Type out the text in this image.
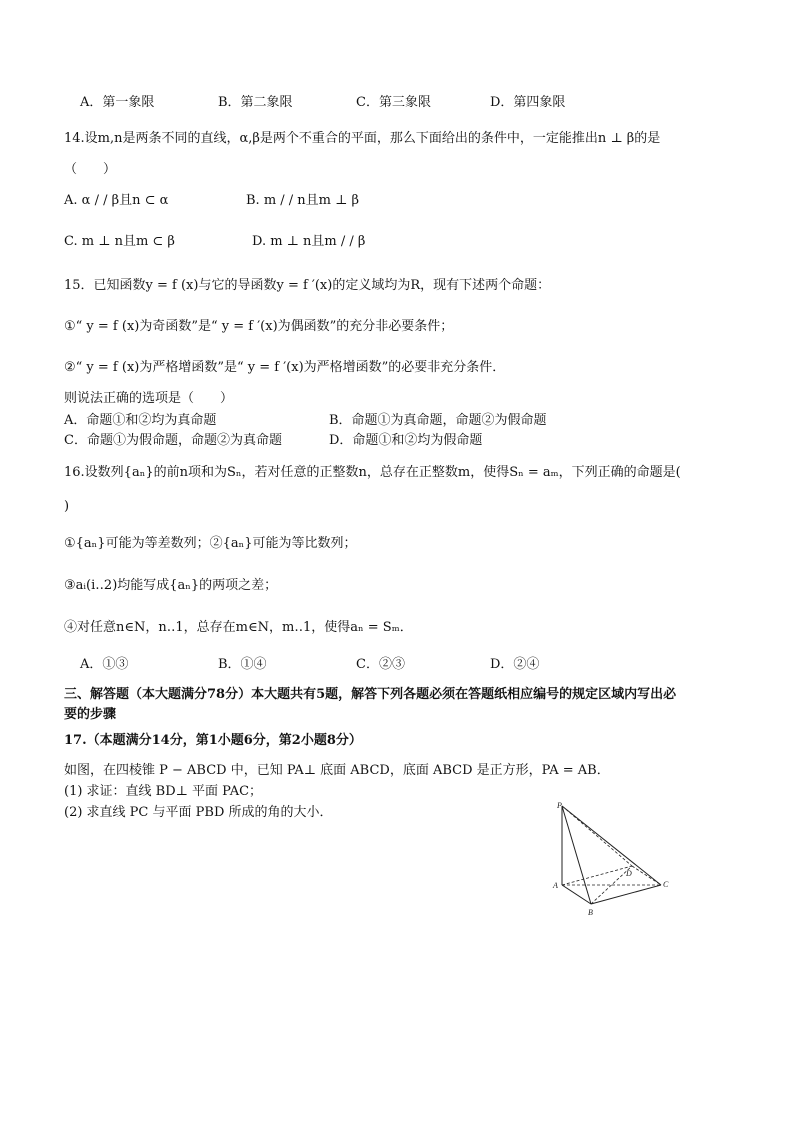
A．第一象限	B．第二象限	C．第三象限	D．第四象限
14.设m,n是两条不同的直线，α,β是两个不重合的平面，那么下面给出的条件中，一定能推出n ⊥ β的是
（　　）
A. α / / β且n ⊂ α	B. m / / n且m ⊥ β
C. m ⊥ n且m ⊂ β	D. m ⊥ n且m / / β
15．已知函数y = f (x)与它的导函数y = f ′(x)的定义域均为R，现有下述两个命题：
①“ y = f (x)为奇函数”是“ y = f ′(x)为偶函数”的充分非必要条件；
②“ y = f (x)为严格增函数”是“ y = f ′(x)为严格增函数”的必要非充分条件．
则说法正确的选项是（　　）
A．命题①和②均为真命题	B．命题①为真命题，命题②为假命题
C．命题①为假命题，命题②为真命题	D．命题①和②均为假命题
16.设数列{aₙ}的前n项和为Sₙ，若对任意的正整数n，总存在正整数m，使得Sₙ = aₘ，下列正确的命题是(
)
①{aₙ}可能为等差数列；②{aₙ}可能为等比数列；
③aᵢ(i‥2)均能写成{aₙ}的两项之差；
④对任意n∈N，n‥1，总存在m∈N，m‥1，使得aₙ = Sₘ．
A．①③	B．①④	C．②③	D．②④
三、解答题（本大题满分78分）本大题共有5题，解答下列各题必须在答题纸相应编号的规定区域内写出必
要的步骤
17.（本题满分14分，第1小题6分，第2小题8分）
如图，在四棱锥 P − ABCD 中，已知 PA⊥ 底面 ABCD，底面 ABCD 是正方形，PA = AB．
(1) 求证：直线 BD⊥ 平面 PAC；
(2) 求直线 PC 与平面 PBD 所成的角的大小．	P
A
B
C
D
